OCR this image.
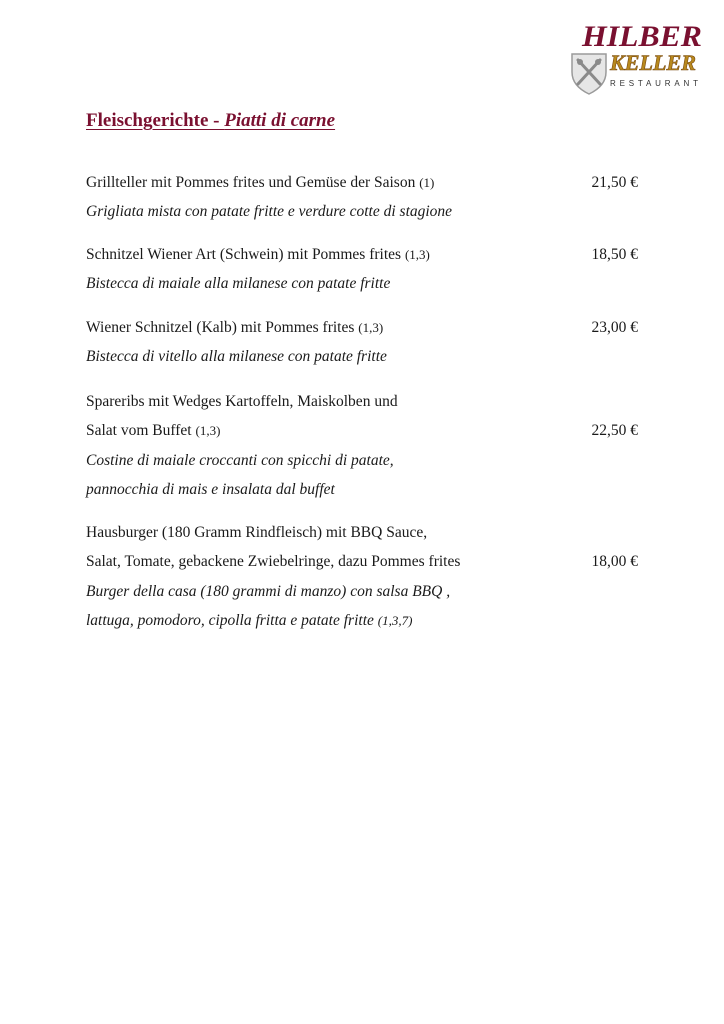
HILBER
KELLER
RESTAURANT
Fleischgerichte - Piatti di carne
Grillteller mit Pommes frites und Gemüse der Saison (1)	21,50 €
Grigliata mista con patate fritte e verdure cotte di stagione
Schnitzel Wiener Art (Schwein) mit Pommes frites (1,3)	18,50 €
Bistecca di maiale alla milanese con patate fritte
Wiener Schnitzel (Kalb) mit Pommes frites (1,3)	23,00 €
Bistecca di vitello alla milanese con patate fritte
Spareribs mit Wedges Kartoffeln, Maiskolben und
Salat vom Buffet (1,3)	22,50 €
Costine di maiale croccanti con spicchi di patate,
pannocchia di mais e insalata dal buffet
Hausburger (180 Gramm Rindfleisch) mit BBQ Sauce,
Salat, Tomate, gebackene Zwiebelringe, dazu Pommes frites	18,00 €
Burger della casa (180 grammi di manzo) con salsa BBQ ,
lattuga, pomodoro, cipolla fritta e patate fritte (1,3,7)
